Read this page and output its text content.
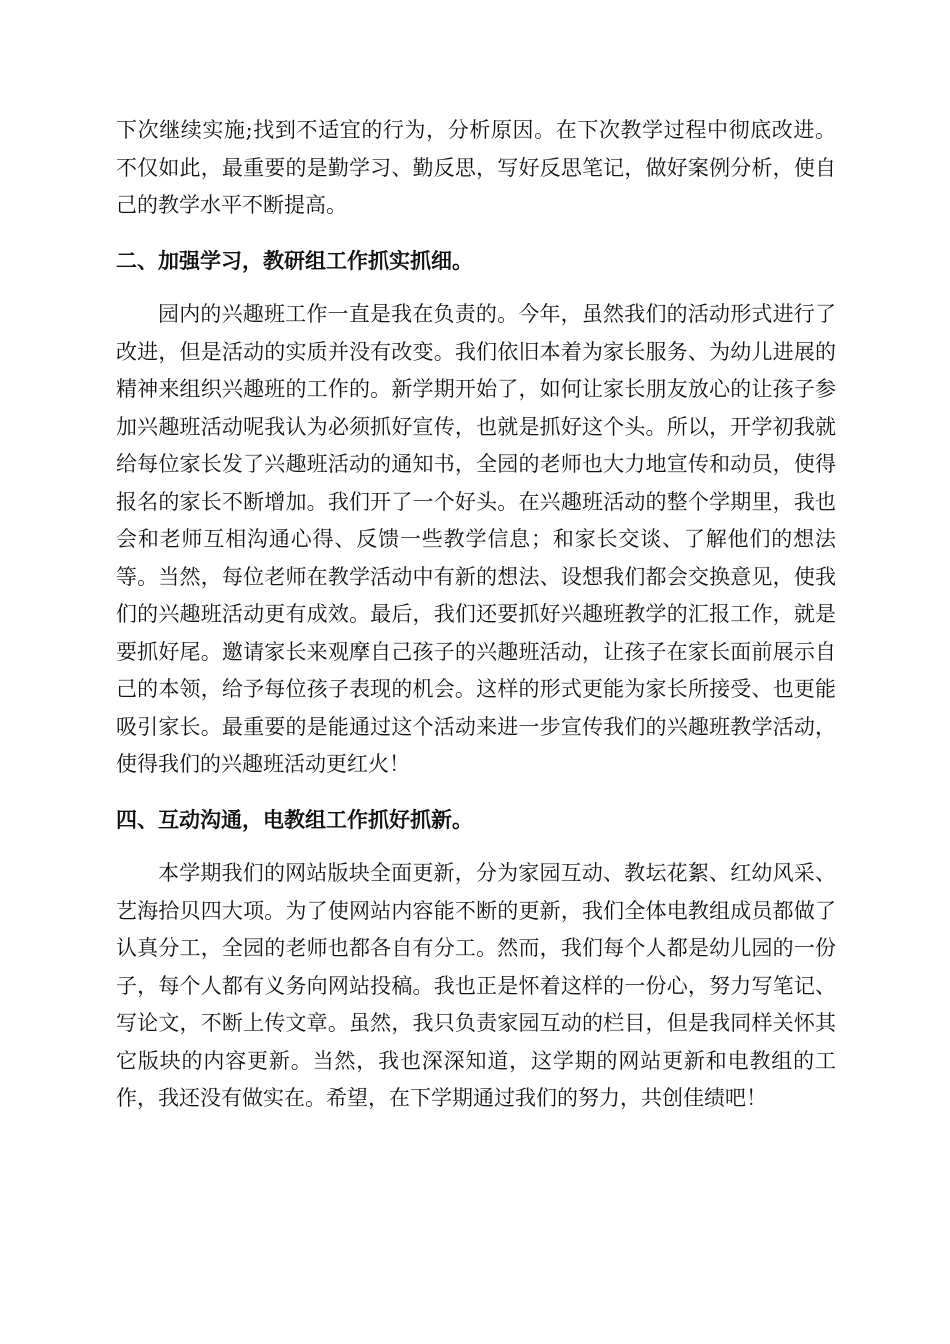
下次继续实施;找到不适宜的行为，分析原因。在下次教学过程中彻底改进。不仅如此，最重要的是勤学习、勤反思，写好反思笔记，做好案例分析，使自己的教学水平不断提高。

二、加强学习，教研组工作抓实抓细。

园内的兴趣班工作一直是我在负责的。今年，虽然我们的活动形式进行了改进，但是活动的实质并没有改变。我们依旧本着为家长服务、为幼儿进展的精神来组织兴趣班的工作的。新学期开始了，如何让家长朋友放心的让孩子参加兴趣班活动呢我认为必须抓好宣传，也就是抓好这个头。所以，开学初我就给每位家长发了兴趣班活动的通知书，全园的老师也大力地宣传和动员，使得报名的家长不断增加。我们开了一个好头。在兴趣班活动的整个学期里，我也会和老师互相沟通心得、反馈一些教学信息；和家长交谈、了解他们的想法等。当然，每位老师在教学活动中有新的想法、设想我们都会交换意见，使我们的兴趣班活动更有成效。最后，我们还要抓好兴趣班教学的汇报工作，就是要抓好尾。邀请家长来观摩自己孩子的兴趣班活动，让孩子在家长面前展示自己的本领，给予每位孩子表现的机会。这样的形式更能为家长所接受、也更能吸引家长。最重要的是能通过这个活动来进一步宣传我们的兴趣班教学活动，使得我们的兴趣班活动更红火！

四、互动沟通，电教组工作抓好抓新。

本学期我们的网站版块全面更新，分为家园互动、教坛花絮、红幼风采、艺海拾贝四大项。为了使网站内容能不断的更新，我们全体电教组成员都做了认真分工，全园的老师也都各自有分工。然而，我们每个人都是幼儿园的一份子，每个人都有义务向网站投稿。我也正是怀着这样的一份心，努力写笔记、写论文，不断上传文章。虽然，我只负责家园互动的栏目，但是我同样关怀其它版块的内容更新。当然，我也深深知道，这学期的网站更新和电教组的工作，我还没有做实在。希望，在下学期通过我们的努力，共创佳绩吧！
